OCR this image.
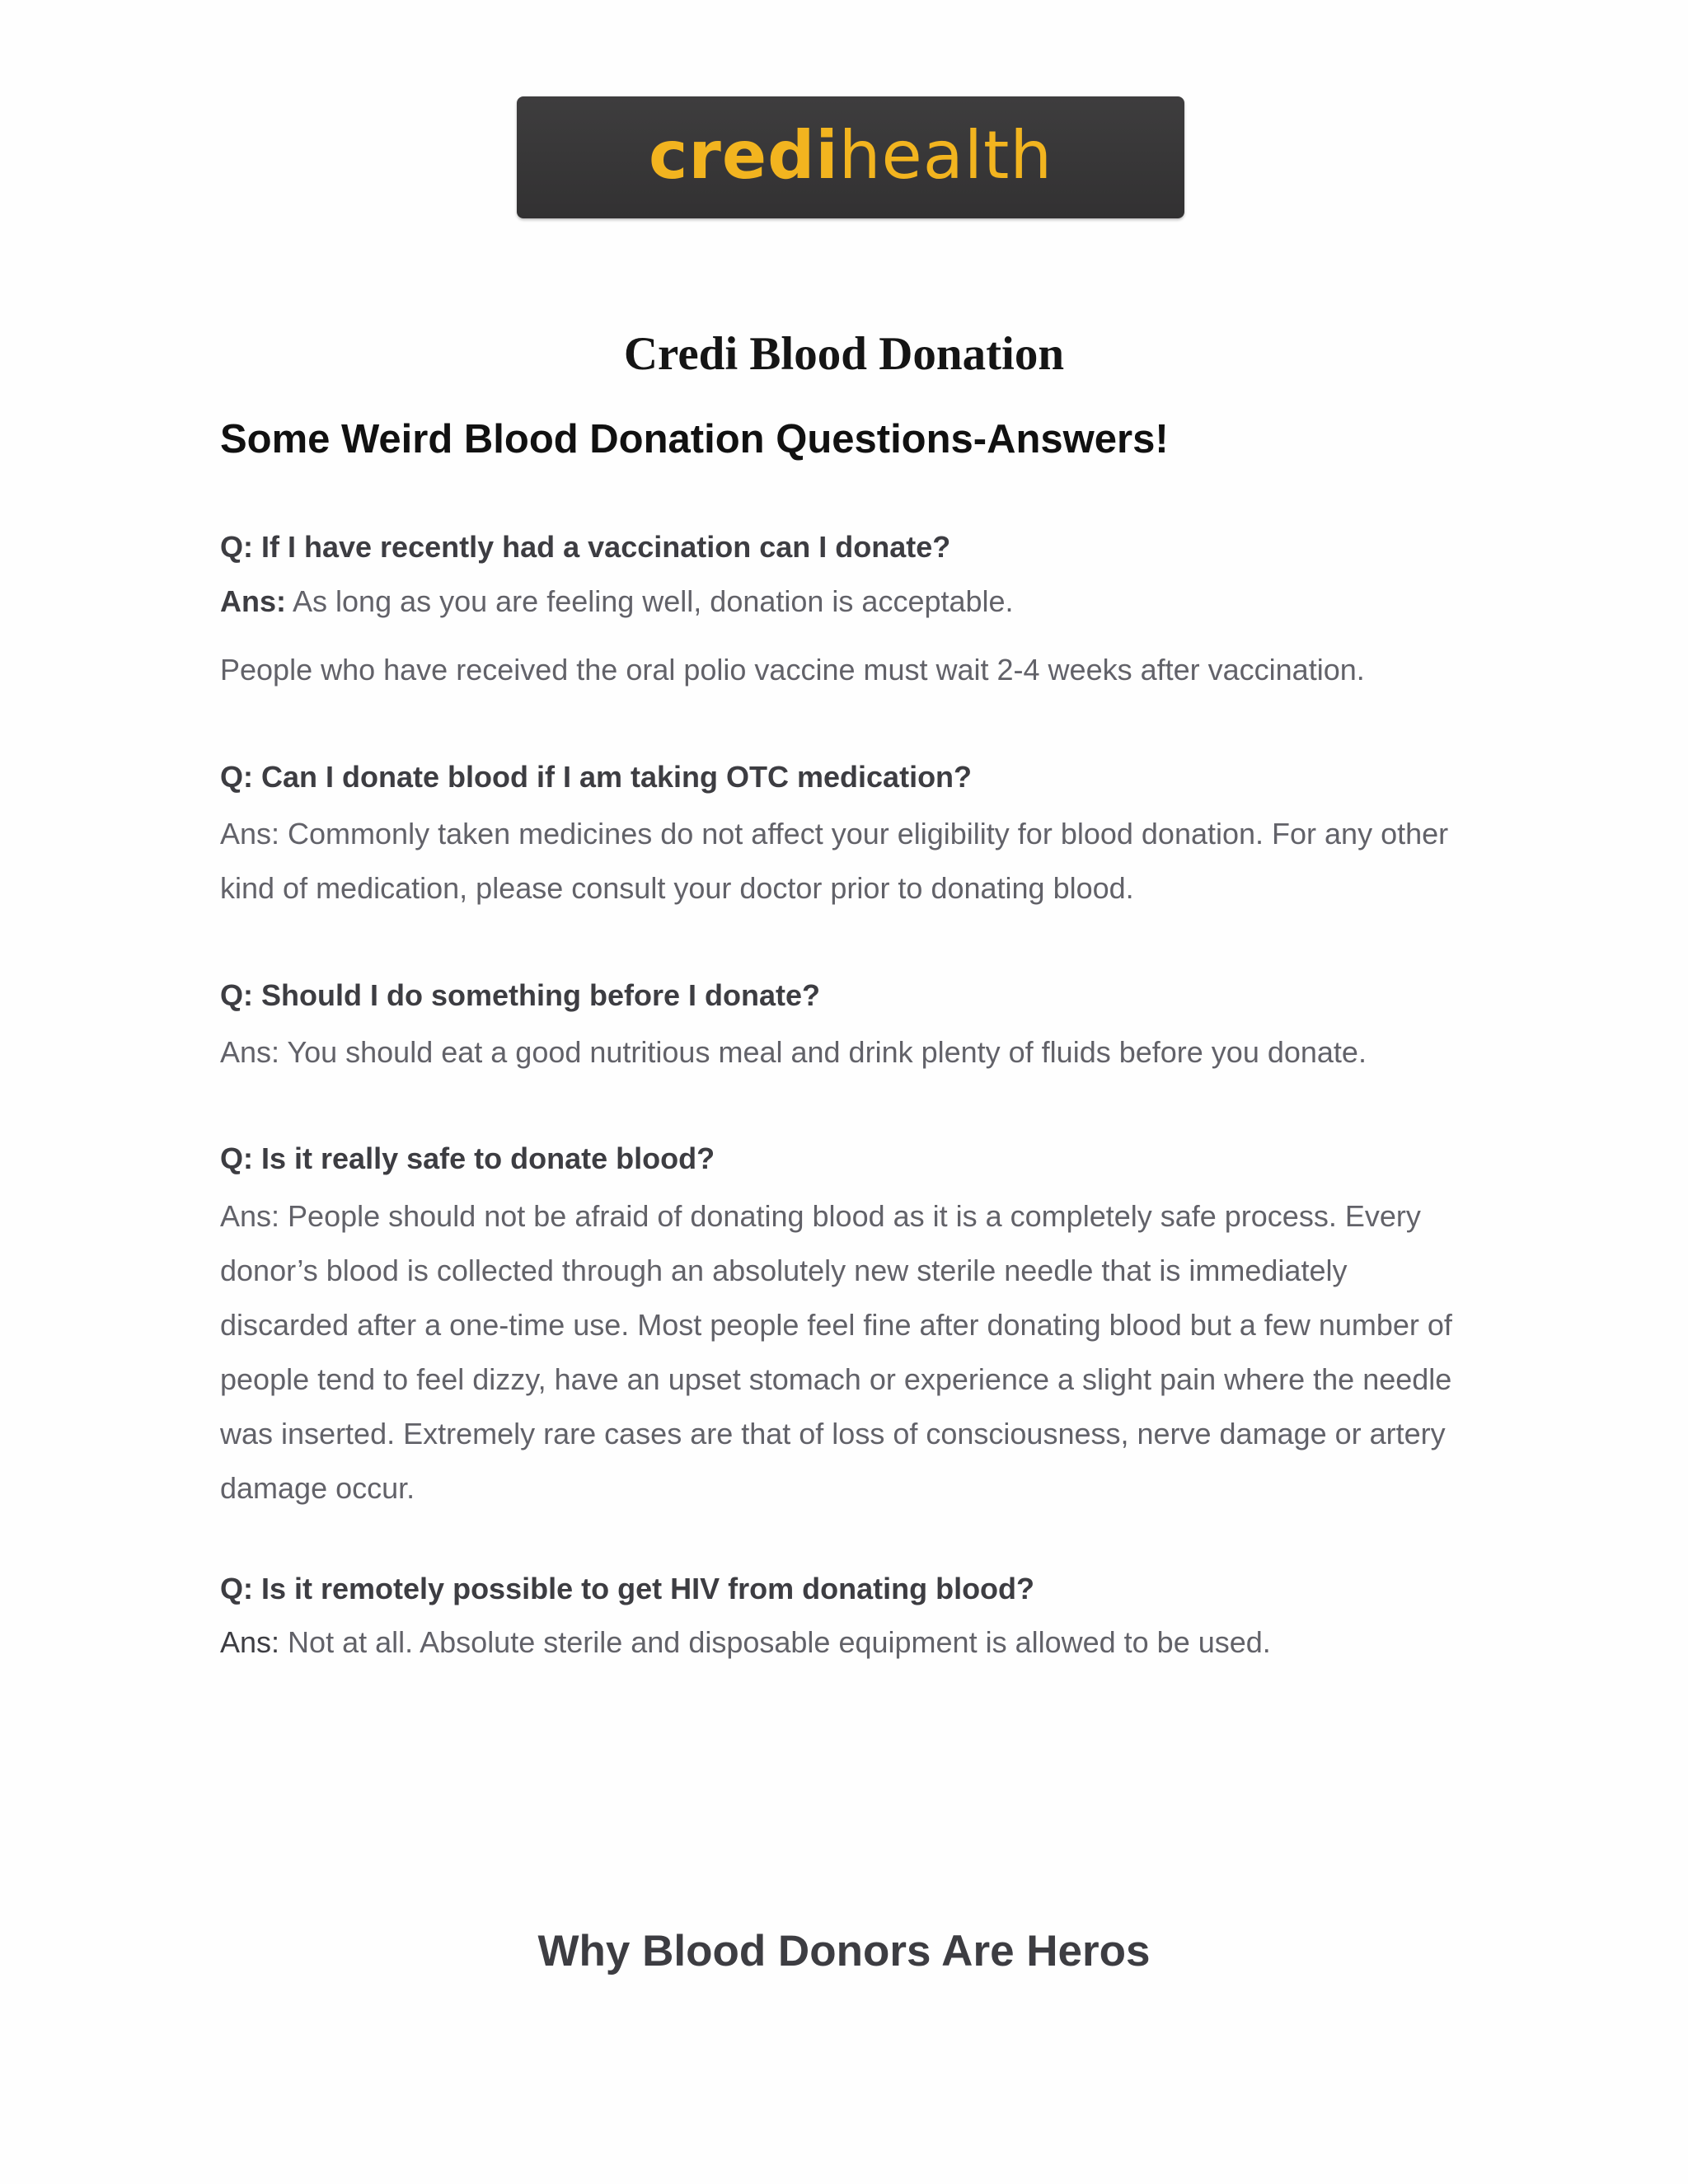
credihealth
Credi Blood Donation
Some Weird Blood Donation Questions-Answers!

Q: If I have recently had a vaccination can I donate?

Ans: As long as you are feeling well, donation is acceptable.

People who have received the oral polio vaccine must wait 2-4 weeks after vaccination.

Q: Can I donate blood if I am taking OTC medication?

Ans: Commonly taken medicines do not affect your eligibility for blood donation. For any other kind of medication, please consult your doctor prior to donating blood.

Q: Should I do something before I donate?

Ans: You should eat a good nutritious meal and drink plenty of fluids before you donate.

Q: Is it really safe to donate blood?

Ans: People should not be afraid of donating blood as it is a completely safe process. Every donor’s blood is collected through an absolutely new sterile needle that is immediately discarded after a one-time use. Most people feel fine after donating blood but a few number of people tend to feel dizzy, have an upset stomach or experience a slight pain where the needle was inserted. Extremely rare cases are that of loss of consciousness, nerve damage or artery damage occur.

Q: Is it remotely possible to get HIV from donating blood?

Ans: Not at all. Absolute sterile and disposable equipment is allowed to be used.

Why Blood Donors Are Heros
